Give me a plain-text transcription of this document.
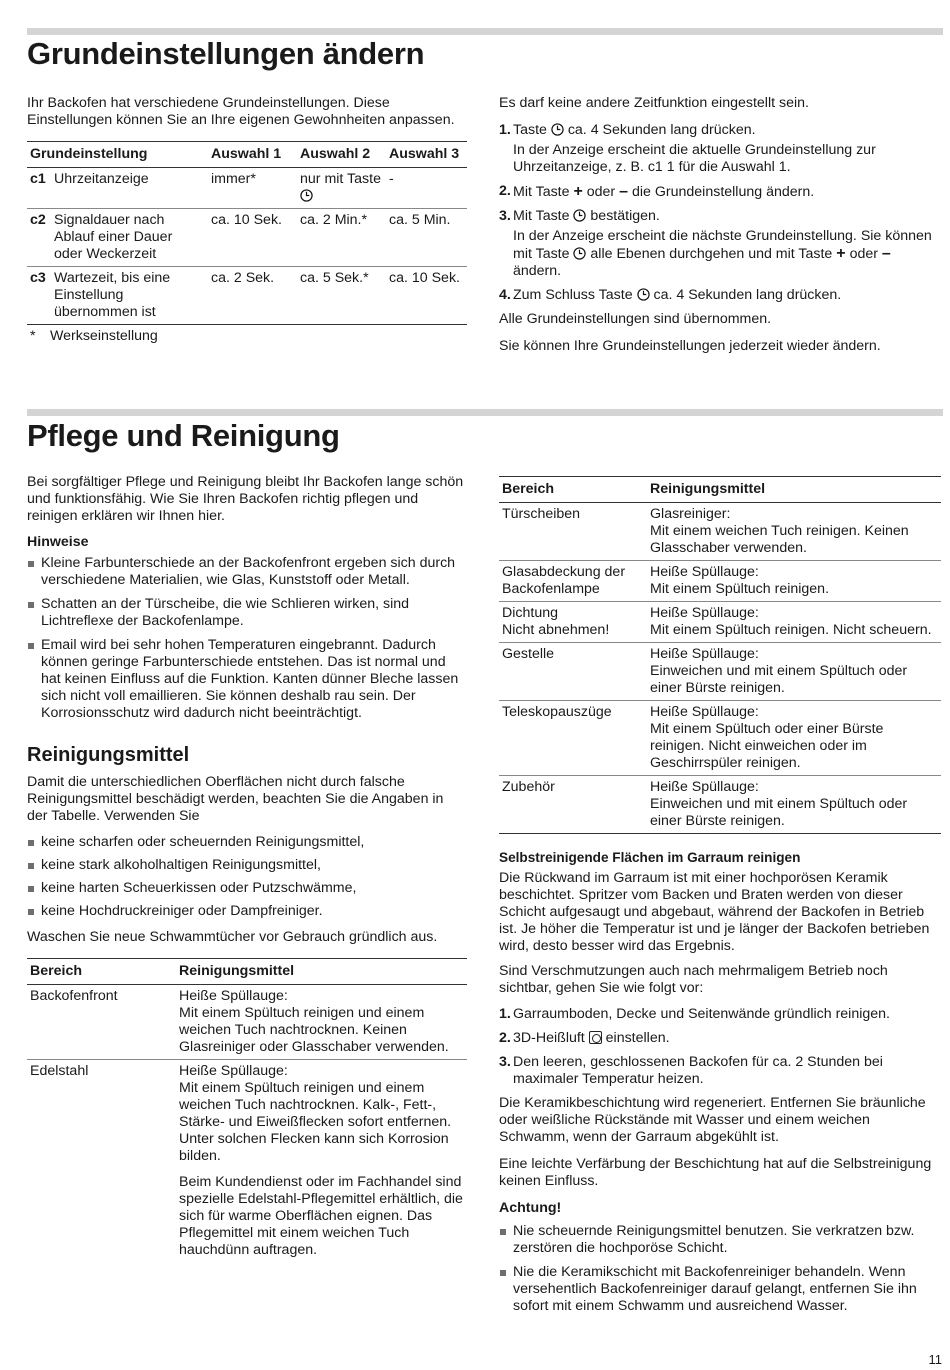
Grundeinstellungen ändern

Ihr Backofen hat verschiedene Grundeinstellungen. Diese Einstellungen können Sie an Ihre eigenen Gewohnheiten anpassen.

Grundeinstellung	Auswahl 1	Auswahl 2	Auswahl 3
c1 Uhrzeitanzeige	immer*	nur mit Taste	-
c2 Signaldauer nach Ablauf einer Dauer oder Weckerzeit	ca. 10 Sek.	ca. 2 Min.*	ca. 5 Min.
c3 Wartezeit, bis eine Einstellung übernommen ist	ca. 2 Sek.	ca. 5 Sek.*	ca. 10 Sek.
* Werkseinstellung

Es darf keine andere Zeitfunktion eingestellt sein.

1. Taste ca. 4 Sekunden lang drücken.
In der Anzeige erscheint die aktuelle Grundeinstellung zur Uhrzeitanzeige, z. B. c1 1 für die Auswahl 1.
2. Mit Taste + oder – die Grundeinstellung ändern.
3. Mit Taste bestätigen.
In der Anzeige erscheint die nächste Grundeinstellung. Sie können mit Taste alle Ebenen durchgehen und mit Taste + oder – ändern.
4. Zum Schluss Taste ca. 4 Sekunden lang drücken.

Alle Grundeinstellungen sind übernommen.

Sie können Ihre Grundeinstellungen jederzeit wieder ändern.

Pflege und Reinigung

Bei sorgfältiger Pflege und Reinigung bleibt Ihr Backofen lange schön und funktionsfähig. Wie Sie Ihren Backofen richtig pflegen und reinigen erklären wir Ihnen hier.

Hinweise
Kleine Farbunterschiede an der Backofenfront ergeben sich durch verschiedene Materialien, wie Glas, Kunststoff oder Metall.
Schatten an der Türscheibe, die wie Schlieren wirken, sind Lichtreflexe der Backofenlampe.
Email wird bei sehr hohen Temperaturen eingebrannt. Dadurch können geringe Farbunterschiede entstehen. Das ist normal und hat keinen Einfluss auf die Funktion. Kanten dünner Bleche lassen sich nicht voll emaillieren. Sie können deshalb rau sein. Der Korrosionsschutz wird dadurch nicht beeinträchtigt.
Reinigungsmittel

Damit die unterschiedlichen Oberflächen nicht durch falsche Reinigungsmittel beschädigt werden, beachten Sie die Angaben in der Tabelle. Verwenden Sie

keine scharfen oder scheuernden Reinigungsmittel,
keine stark alkoholhaltigen Reinigungsmittel,
keine harten Scheuerkissen oder Putzschwämme,
keine Hochdruckreiniger oder Dampfreiniger.

Waschen Sie neue Schwammtücher vor Gebrauch gründlich aus.

Bereich	Reinigungsmittel
Backofenfront	Heiße Spüllauge:
Mit einem Spültuch reinigen und einem weichen Tuch nachtrocknen. Keinen Glasreiniger oder Glasschaber verwenden.
Edelstahl	Heiße Spüllauge:
Mit einem Spültuch reinigen und einem weichen Tuch nachtrocknen. Kalk-, Fett-, Stärke- und Eiweißflecken sofort entfernen. Unter solchen Flecken kann sich Korrosion bilden.
Beim Kundendienst oder im Fachhandel sind spezielle Edelstahl-Pflegemittel erhältlich, die sich für warme Oberflächen eignen. Das Pflegemittel mit einem weichen Tuch hauchdünn auftragen.
Bereich	Reinigungsmittel
Türscheiben	Glasreiniger:
Mit einem weichen Tuch reinigen. Keinen Glasschaber verwenden.
Glasabdeckung der Backofenlampe	Heiße Spüllauge:
Mit einem Spültuch reinigen.

Dichtung
Nicht abnehmen!	Heiße Spüllauge:
Mit einem Spültuch reinigen. Nicht scheuern.
Gestelle	Heiße Spüllauge:
Einweichen und mit einem Spültuch oder einer Bürste reinigen.
Teleskopauszüge	Heiße Spüllauge:
Mit einem Spültuch oder einer Bürste reinigen. Nicht einweichen oder im Geschirrspüler reinigen.
Zubehör	Heiße Spüllauge:
Einweichen und mit einem Spültuch oder einer Bürste reinigen.
Selbstreinigende Flächen im Garraum reinigen

Die Rückwand im Garraum ist mit einer hochporösen Keramik beschichtet. Spritzer vom Backen und Braten werden von dieser Schicht aufgesaugt und abgebaut, während der Backofen in Betrieb ist. Je höher die Temperatur ist und je länger der Backofen betrieben wird, desto besser wird das Ergebnis.

Sind Verschmutzungen auch nach mehrmaligem Betrieb noch sichtbar, gehen Sie wie folgt vor:

1. Garraumboden, Decke und Seitenwände gründlich reinigen.
2. 3D-Heißluft einstellen.
3. Den leeren, geschlossenen Backofen für ca. 2 Stunden bei maximaler Temperatur heizen.

Die Keramikbeschichtung wird regeneriert. Entfernen Sie bräunliche oder weißliche Rückstände mit Wasser und einem weichen Schwamm, wenn der Garraum abgekühlt ist.

Eine leichte Verfärbung der Beschichtung hat auf die Selbstreinigung keinen Einfluss.

Achtung!
Nie scheuernde Reinigungsmittel benutzen. Sie verkratzen bzw. zerstören die hochporöse Schicht.
Nie die Keramikschicht mit Backofenreiniger behandeln. Wenn versehentlich Backofenreiniger darauf gelangt, entfernen Sie ihn sofort mit einem Schwamm und ausreichend Wasser.
11
